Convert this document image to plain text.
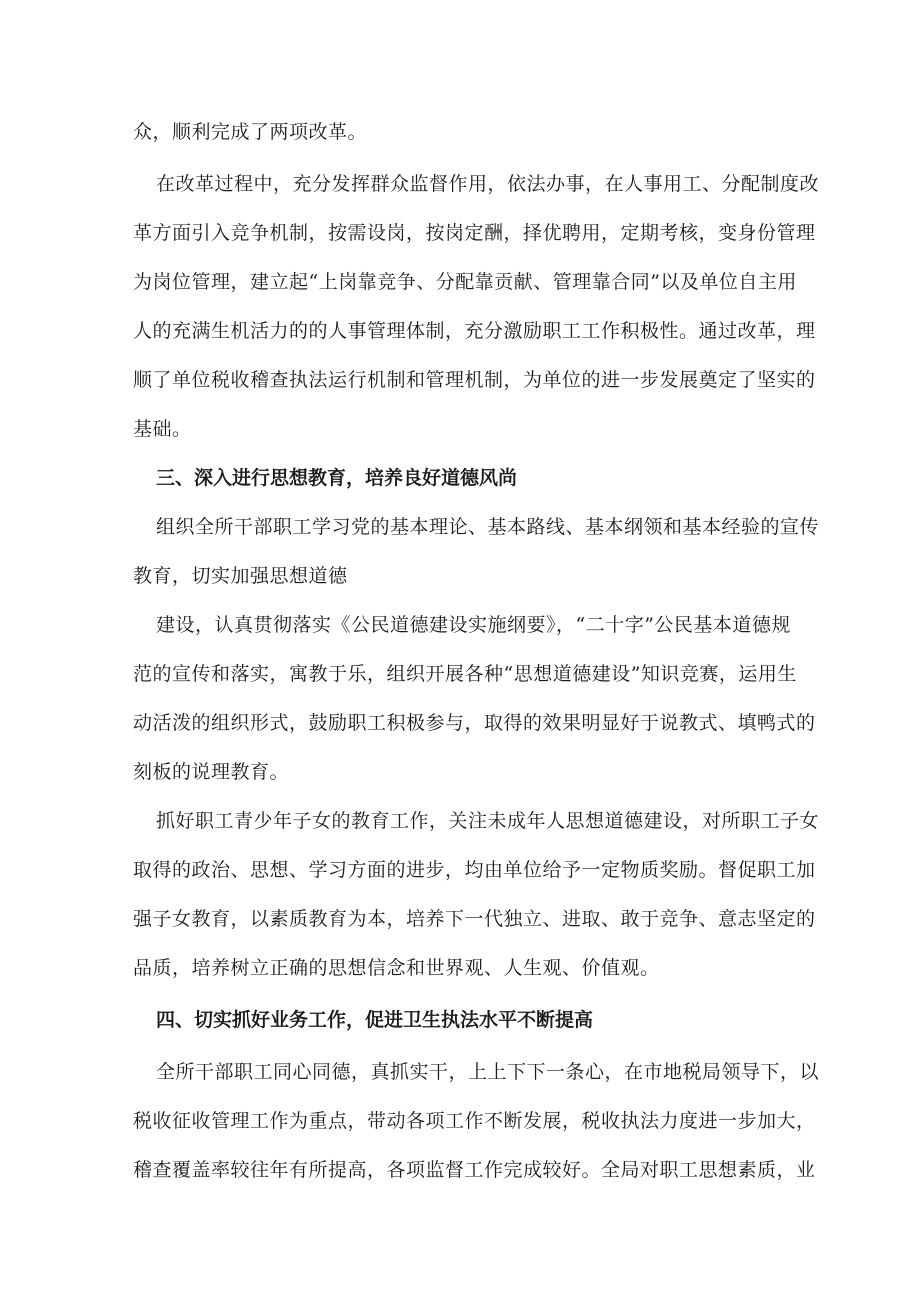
众，顺利完成了两项改革。
在改革过程中，充分发挥群众监督作用，依法办事，在人事用工、分配制度改
革方面引入竞争机制，按需设岗，按岗定酬，择优聘用，定期考核，变身份管理
为岗位管理，建立起“上岗靠竞争、分配靠贡献、管理靠合同”以及单位自主用
人的充满生机活力的的人事管理体制，充分激励职工工作积极性。通过改革，理
顺了单位税收稽查执法运行机制和管理机制，为单位的进一步发展奠定了坚实的
基础。
三、深入进行思想教育，培养良好道德风尚
组织全所干部职工学习党的基本理论、基本路线、基本纲领和基本经验的宣传
教育，切实加强思想道德
建设，认真贯彻落实《公民道德建设实施纲要》，“二十字”公民基本道德规
范的宣传和落实，寓教于乐，组织开展各种“思想道德建设”知识竞赛，运用生
动活泼的组织形式，鼓励职工积极参与，取得的效果明显好于说教式、填鸭式的
刻板的说理教育。
抓好职工青少年子女的教育工作，关注未成年人思想道德建设，对所职工子女
取得的政治、思想、学习方面的进步，均由单位给予一定物质奖励。督促职工加
强子女教育，以素质教育为本，培养下一代独立、进取、敢于竞争、意志坚定的
品质，培养树立正确的思想信念和世界观、人生观、价值观。
四、切实抓好业务工作，促进卫生执法水平不断提高
全所干部职工同心同德，真抓实干，上上下下一条心，在市地税局领导下，以
税收征收管理工作为重点，带动各项工作不断发展，税收执法力度进一步加大，
稽查覆盖率较往年有所提高，各项监督工作完成较好。全局对职工思想素质，业
